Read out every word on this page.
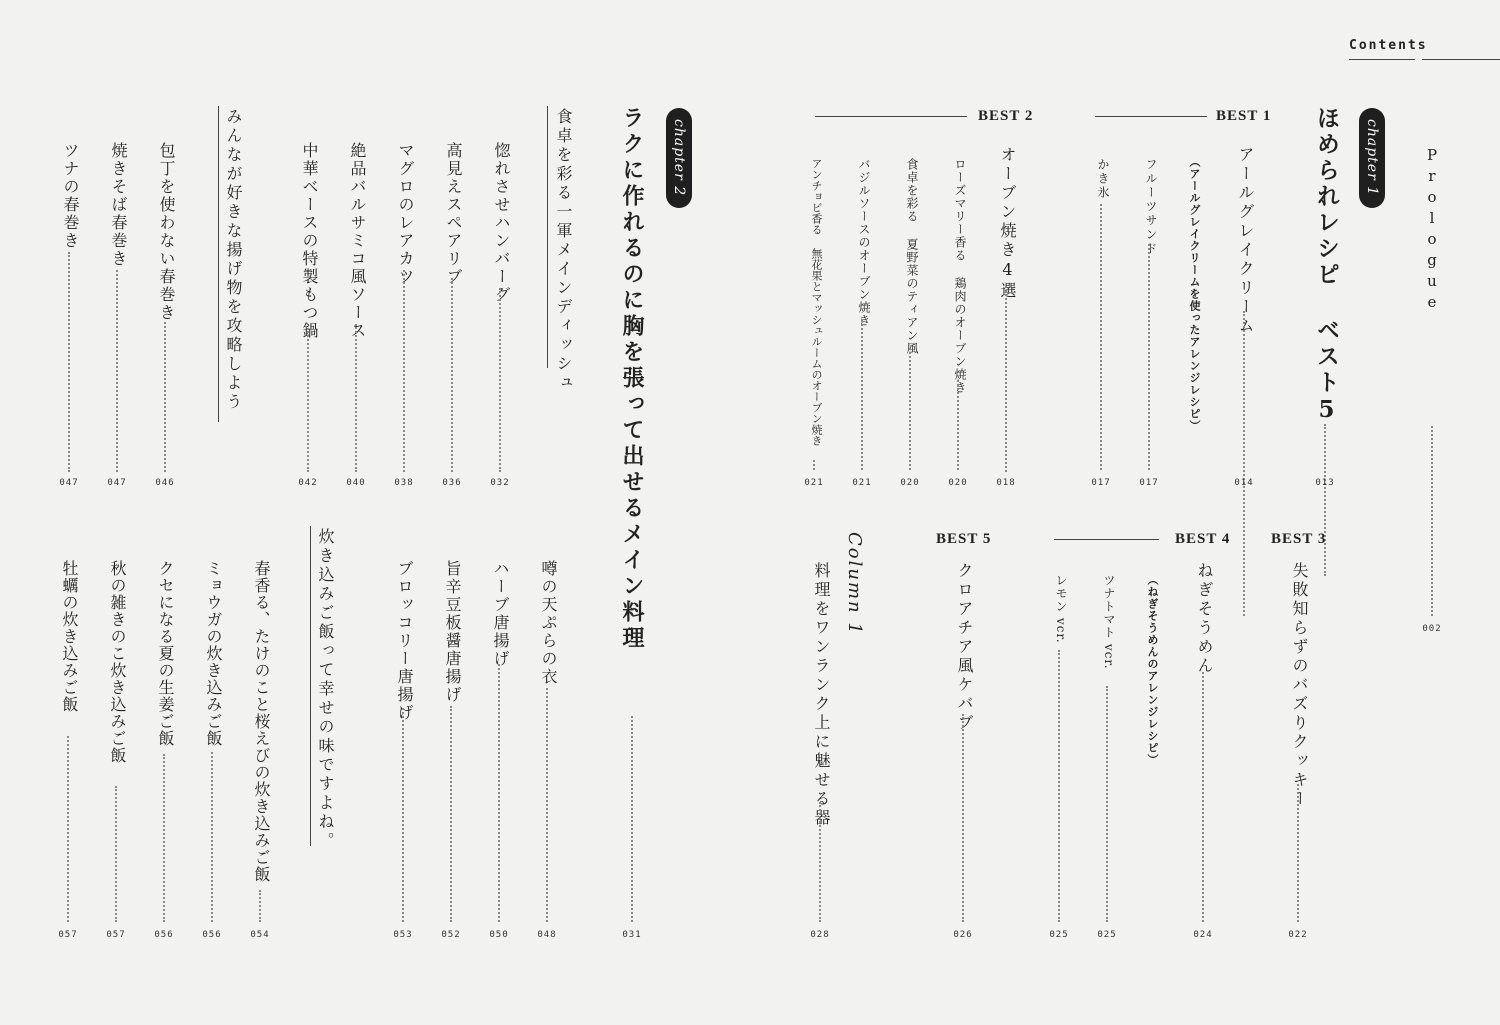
Contents
chapter 1	Prologue
002
ほめられレシピ ベスト5
013
BEST 1
アールグレイクリーム
014
（アールグレイクリームを使ったアレンジレシピ）
フルーツサンド
017
かき氷
017
BEST 2
オーブン焼き4選
018
ローズマリー香る 鶏肉のオーブン焼き
020
食卓を彩る 夏野菜のティアン風
020
バジルソースのオーブン焼き
021
アンチョビ香る 無花果とマッシュルームのオーブン焼き
021
BEST 3
失敗知らずのバズりクッキー
022
BEST 4
ねぎそうめん
024
（ねぎそうめんのアレンジレシピ）
ツナトマト vcr.
025
レモン vcr.
025
BEST 5
クロアチア風ケバブ
026
Column 1
料理をワンランク上に魅せる器
028
chapter 2
ラクに作れるのに胸を張って出せるメイン料理
031
食卓を彩る一軍メインディッシュ
惚れさせハンバーグ
032
高見えスペアリブ
036
マグロのレアカツ
038
絶品バルサミコ風ソース
040
中華ベースの特製もつ鍋
042
みんなが好きな揚げ物を攻略しよう
包丁を使わない春巻き
046
焼きそば春巻き
047
ツナの春巻き
047
噂の天ぷらの衣
048
ハーブ唐揚げ
050
旨辛豆板醤唐揚げ
052
ブロッコリー唐揚げ
053
炊き込みご飯って幸せの味ですよね。
春香る、たけのこと桜えびの炊き込みご飯
054
ミョウガの炊き込みご飯
056
クセになる夏の生姜ご飯
056
秋の雑きのこ炊き込みご飯
057
牡蠣の炊き込みご飯
057
